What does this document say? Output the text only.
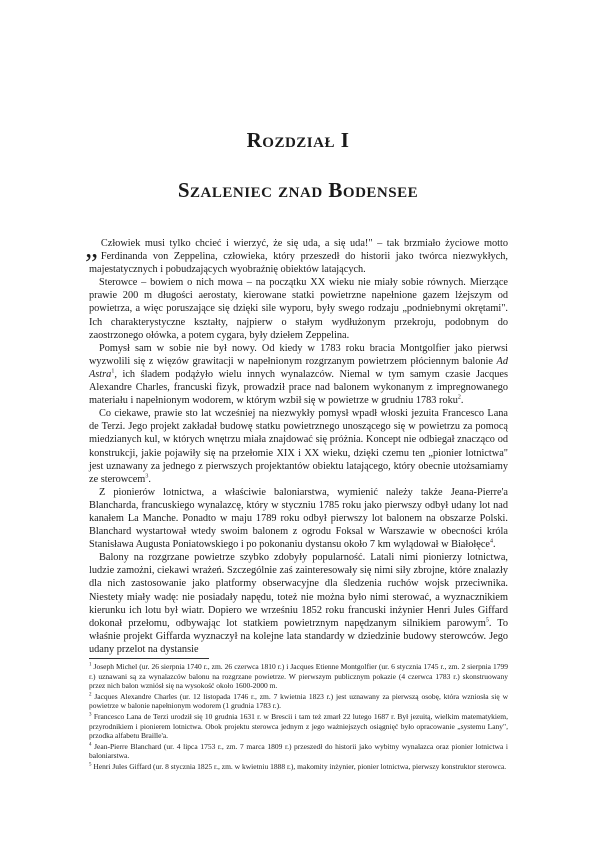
Rozdział I
Szaleniec znad Bodensee

„ Człowiek musi tylko chcieć i wierzyć, że się uda, a się uda!" – tak brzmiało życiowe motto Ferdinanda von Zeppelina, człowieka, który przeszedł do historii jako twórca niezwykłych, majestatycznych i pobudzających wyobraźnię obiektów latających.

Sterowce – bowiem o nich mowa – na początku XX wieku nie miały sobie równych. Mierzące prawie 200 m długości aerostaty, kierowane statki powietrzne napełnione gazem lżejszym od powietrza, a więc poruszające się dzięki sile wyporu, były swego rodzaju „podniebnymi okrętami". Ich charakterystyczne kształty, najpierw o stałym wydłużonym przekroju, podobnym do zaostrzonego ołówka, a potem cygara, były dziełem Zeppelina.

Pomysł sam w sobie nie był nowy. Od kiedy w 1783 roku bracia Montgolfier jako pierwsi wyzwolili się z więzów grawitacji w napełnionym rozgrzanym powietrzem płóciennym balonie Ad Astra$^1$, ich śladem podążyło wielu innych wynalazców. Niemal w tym samym czasie Jacques Alexandre Charles, francuski fizyk, prowadził prace nad balonem wykonanym z impregnowanego materiału i napełnionym wodorem, w którym wzbił się w powietrze w grudniu 1783 roku$^2$.

Co ciekawe, prawie sto lat wcześniej na niezwykły pomysł wpadł włoski jezuita Francesco Lana de Terzi. Jego projekt zakładał budowę statku powietrznego unoszącego się w powietrzu za pomocą miedzianych kul, w których wnętrzu miała znajdować się próżnia. Koncept nie odbiegał znacząco od konstrukcji, jakie pojawiły się na przełomie XIX i XX wieku, dzięki czemu ten „pionier lotnictwa" jest uznawany za jednego z pierwszych projektantów obiektu latającego, który obecnie utożsamiamy ze sterowcem$^3$.

Z pionierów lotnictwa, a właściwie baloniarstwa, wymienić należy także Jeana-Pierre'a Blancharda, francuskiego wynalazcę, który w styczniu 1785 roku jako pierwszy odbył udany lot nad kanałem La Manche. Ponadto w maju 1789 roku odbył pierwszy lot balonem na obszarze Polski. Blanchard wystartował wtedy swoim balonem z ogrodu Foksal w Warszawie w obecności króla Stanisława Augusta Poniatowskiego i po pokonaniu dystansu około 7 km wylądował w Białołęce$^4$.

Balony na rozgrzane powietrze szybko zdobyły popularność. Latali nimi pionierzy lotnictwa, ludzie zamożni, ciekawi wrażeń. Szczególnie zaś zainteresowały się nimi siły zbrojne, które znalazły dla nich zastosowanie jako platformy obserwacyjne dla śledzenia ruchów wojsk przeciwnika. Niestety miały wadę: nie posiadały napędu, toteż nie można było nimi sterować, a wyznacznikiem kierunku ich lotu był wiatr. Dopiero we wrześniu 1852 roku francuski inżynier Henri Jules Giffard dokonał przełomu, odbywając lot statkiem powietrznym napędzanym silnikiem parowym$^5$. To właśnie projekt Giffarda wyznaczył na kolejne lata standardy w dziedzinie budowy sterowców. Jego udany przelot na dystansie

$^1$ Joseph Michel (ur. 26 sierpnia 1740 r., zm. 26 czerwca 1810 r.) i Jacques Etienne Montgolfier (ur. 6 stycznia 1745 r., zm. 2 sierpnia 1799 r.) uznawani są za wynalazców balonu na rozgrzane powietrze. W pierwszym publicznym pokazie (4 czerwca 1783 r.) skonstruowany przez nich balon wzniósł się na wysokość około 1600-2000 m.

$^2$ Jacques Alexandre Charles (ur. 12 listopada 1746 r., zm. 7 kwietnia 1823 r.) jest uznawany za pierwszą osobę, która wzniosła się w powietrze w balonie napełnionym wodorem (1 grudnia 1783 r.).

$^3$ Francesco Lana de Terzi urodził się 10 grudnia 1631 r. w Brescii i tam też zmarł 22 lutego 1687 r. Był jezuitą, wielkim matematykiem, przyrodnikiem i pionierem lotnictwa. Obok projektu sterowca jednym z jego ważniejszych osiągnięć było opracowanie „systemu Lany", przodka alfabetu Braille'a.

$^4$ Jean-Pierre Blanchard (ur. 4 lipca 1753 r., zm. 7 marca 1809 r.) przeszedł do historii jako wybitny wynalazca oraz pionier lotnictwa i baloniarstwa.

$^5$ Henri Jules Giffard (ur. 8 stycznia 1825 r., zm. w kwietniu 1888 r.), makomity inżynier, pionier lotnictwa, pierwszy konstruktor sterowca.
